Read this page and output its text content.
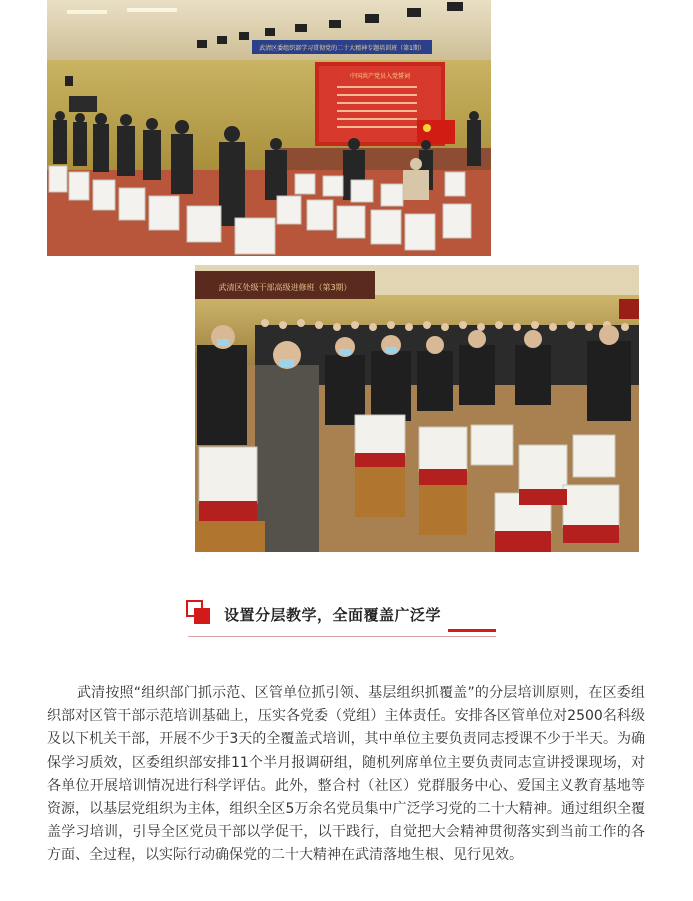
武清区委组织部学习贯彻党的二十大精神专题培训班（第1期）
中国共产党员入党誓词
武清区处级干部高级进修班（第3期）
设置分层教学，全面覆盖广泛学

武清按照“组织部门抓示范、区管单位抓引领、基层组织抓覆盖”的分层培训原则，在区委组织部对区管干部示范培训基础上，压实各党委（党组）主体责任。安排各区管单位对2500名科级及以下机关干部，开展不少于3天的全覆盖式培训，其中单位主要负责同志授课不少于半天。为确保学习质效，区委组织部安排11个半月报调研组，随机列席单位主要负责同志宣讲授课现场，对各单位开展培训情况进行科学评估。此外，整合村（社区）党群服务中心、爱国主义教育基地等资源，以基层党组织为主体，组织全区5万余名党员集中广泛学习党的二十大精神。通过组织全覆盖学习培训，引导全区党员干部以学促干，以干践行，自觉把大会精神贯彻落实到当前工作的各方面、全过程，以实际行动确保党的二十大精神在武清落地生根、见行见效。
